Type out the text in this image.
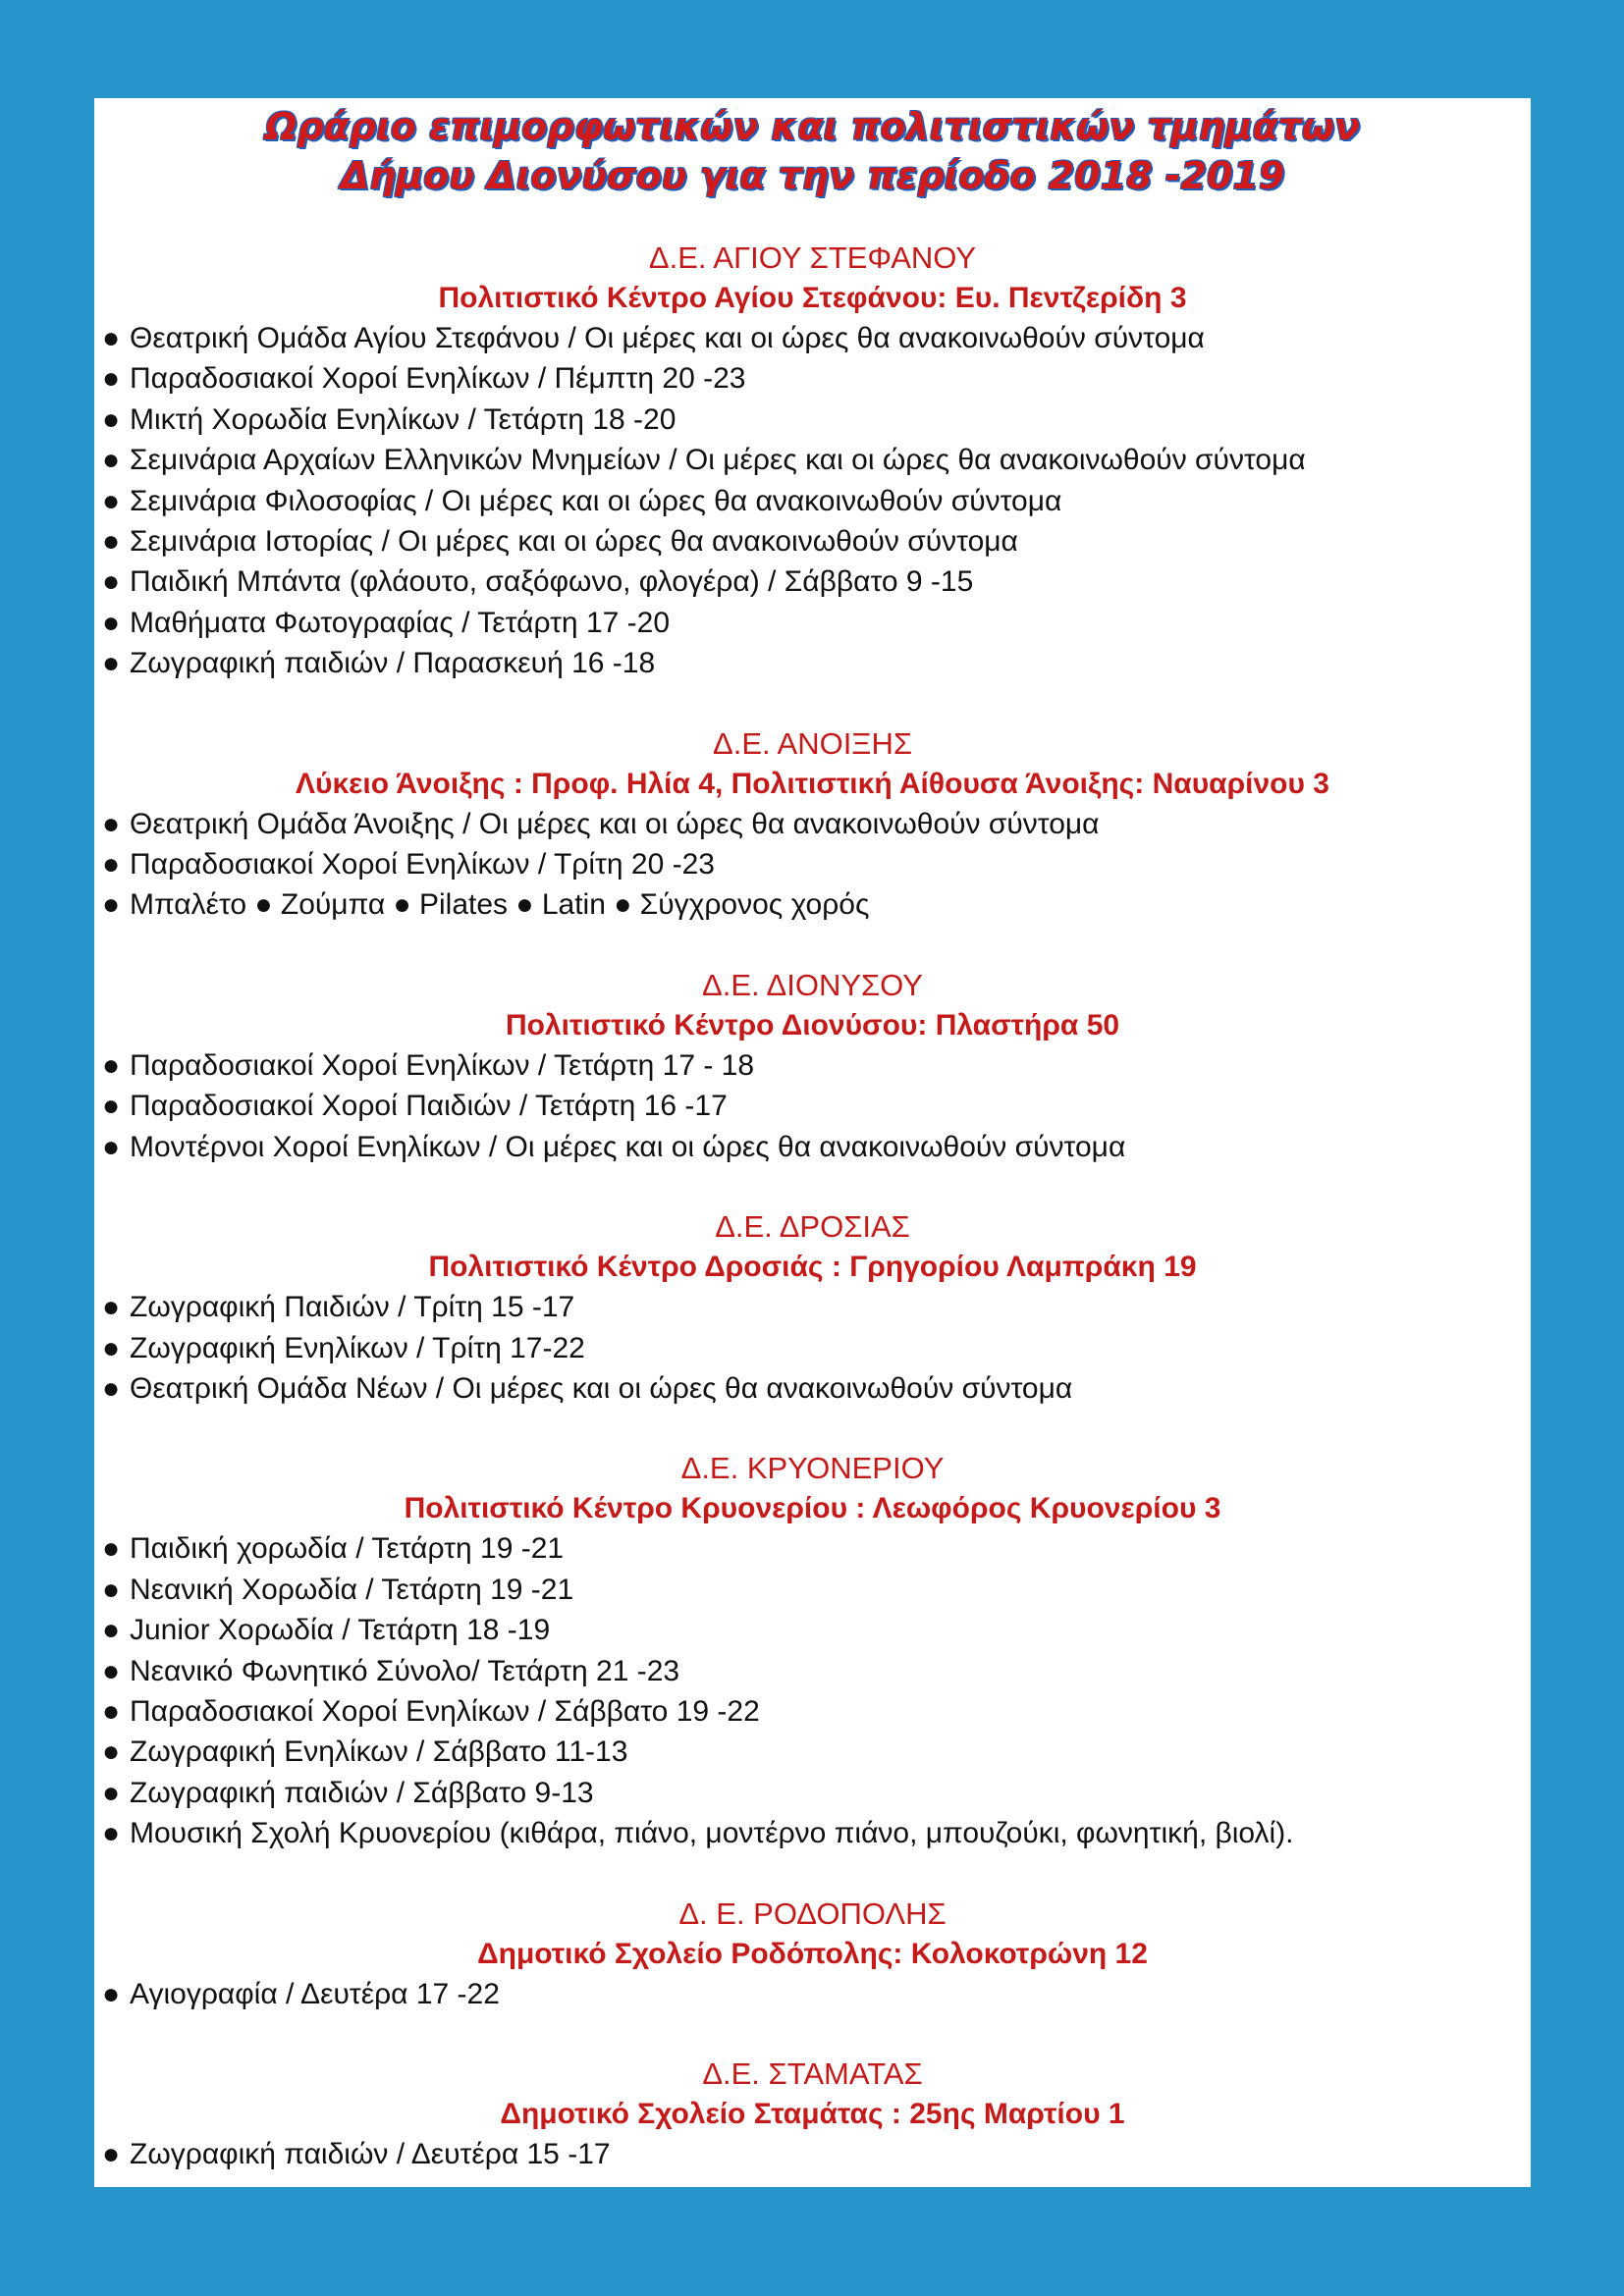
Ωράριο επιμορφωτικών και πολιτιστικών τμημάτων
Δήμου Διονύσου για την περίοδο 2018 -2019
Δ.Ε. ΑΓΙΟΥ ΣΤΕΦΑΝΟΥ
Πολιτιστικό Κέντρο Αγίου Στεφάνου: Ευ. Πεντζερίδη 3
● Θεατρική Ομάδα Αγίου Στεφάνου / Οι μέρες και οι ώρες θα ανακοινωθούν σύντομα
● Παραδοσιακοί Χοροί Ενηλίκων / Πέμπτη 20 -23
● Μικτή Χορωδία Ενηλίκων / Τετάρτη 18 -20
● Σεμινάρια Αρχαίων Ελληνικών Μνημείων / Οι μέρες και οι ώρες θα ανακοινωθούν σύντομα
● Σεμινάρια Φιλοσοφίας / Οι μέρες και οι ώρες θα ανακοινωθούν σύντομα
● Σεμινάρια Ιστορίας / Οι μέρες και οι ώρες θα ανακοινωθούν σύντομα
● Παιδική Μπάντα (φλάουτο, σαξόφωνο, φλογέρα) / Σάββατο 9 -15
● Μαθήματα Φωτογραφίας / Τετάρτη 17 -20
● Ζωγραφική παιδιών / Παρασκευή 16 -18
Δ.Ε. ΑΝΟΙΞΗΣ
Λύκειο Άνοιξης : Προφ. Ηλία 4, Πολιτιστική Αίθουσα Άνοιξης: Ναυαρίνου 3
● Θεατρική Ομάδα Άνοιξης / Οι μέρες και οι ώρες θα ανακοινωθούν σύντομα
● Παραδοσιακοί Χοροί Ενηλίκων / Τρίτη 20 -23
● Μπαλέτο ● Ζούμπα ● Pilates ● Latin ● Σύγχρονος χορός
Δ.Ε. ΔΙΟΝΥΣΟΥ
Πολιτιστικό Κέντρο Διονύσου: Πλαστήρα 50
● Παραδοσιακοί Χοροί Ενηλίκων / Τετάρτη 17 - 18
● Παραδοσιακοί Χοροί Παιδιών / Τετάρτη 16 -17
● Μοντέρνοι Χοροί Ενηλίκων / Οι μέρες και οι ώρες θα ανακοινωθούν σύντομα
Δ.Ε. ΔΡΟΣΙΑΣ
Πολιτιστικό Κέντρο Δροσιάς : Γρηγορίου Λαμπράκη 19
● Ζωγραφική Παιδιών / Τρίτη 15 -17
● Ζωγραφική Ενηλίκων / Τρίτη 17-22
● Θεατρική Ομάδα Νέων / Οι μέρες και οι ώρες θα ανακοινωθούν σύντομα
Δ.Ε. ΚΡΥΟΝΕΡΙΟΥ
Πολιτιστικό Κέντρο Κρυονερίου : Λεωφόρος Κρυονερίου 3
● Παιδική χορωδία / Τετάρτη 19 -21
● Νεανική Χορωδία / Τετάρτη 19 -21
● Junior Χορωδία / Τετάρτη 18 -19
● Νεανικό Φωνητικό Σύνολο/ Τετάρτη 21 -23
● Παραδοσιακοί Χοροί Ενηλίκων / Σάββατο 19 -22
● Ζωγραφική Ενηλίκων / Σάββατο 11-13
● Ζωγραφική παιδιών / Σάββατο 9-13
● Μουσική Σχολή Κρυονερίου (κιθάρα, πιάνο, μοντέρνο πιάνο, μπουζούκι, φωνητική, βιολί).
Δ. Ε. ΡΟΔΟΠΟΛΗΣ
Δημοτικό Σχολείο Ροδόπολης: Κολοκοτρώνη 12
● Αγιογραφία / Δευτέρα 17 -22
Δ.Ε. ΣΤΑΜΑΤΑΣ
Δημοτικό Σχολείο Σταμάτας : 25ης Μαρτίου 1
● Ζωγραφική παιδιών / Δευτέρα 15 -17
